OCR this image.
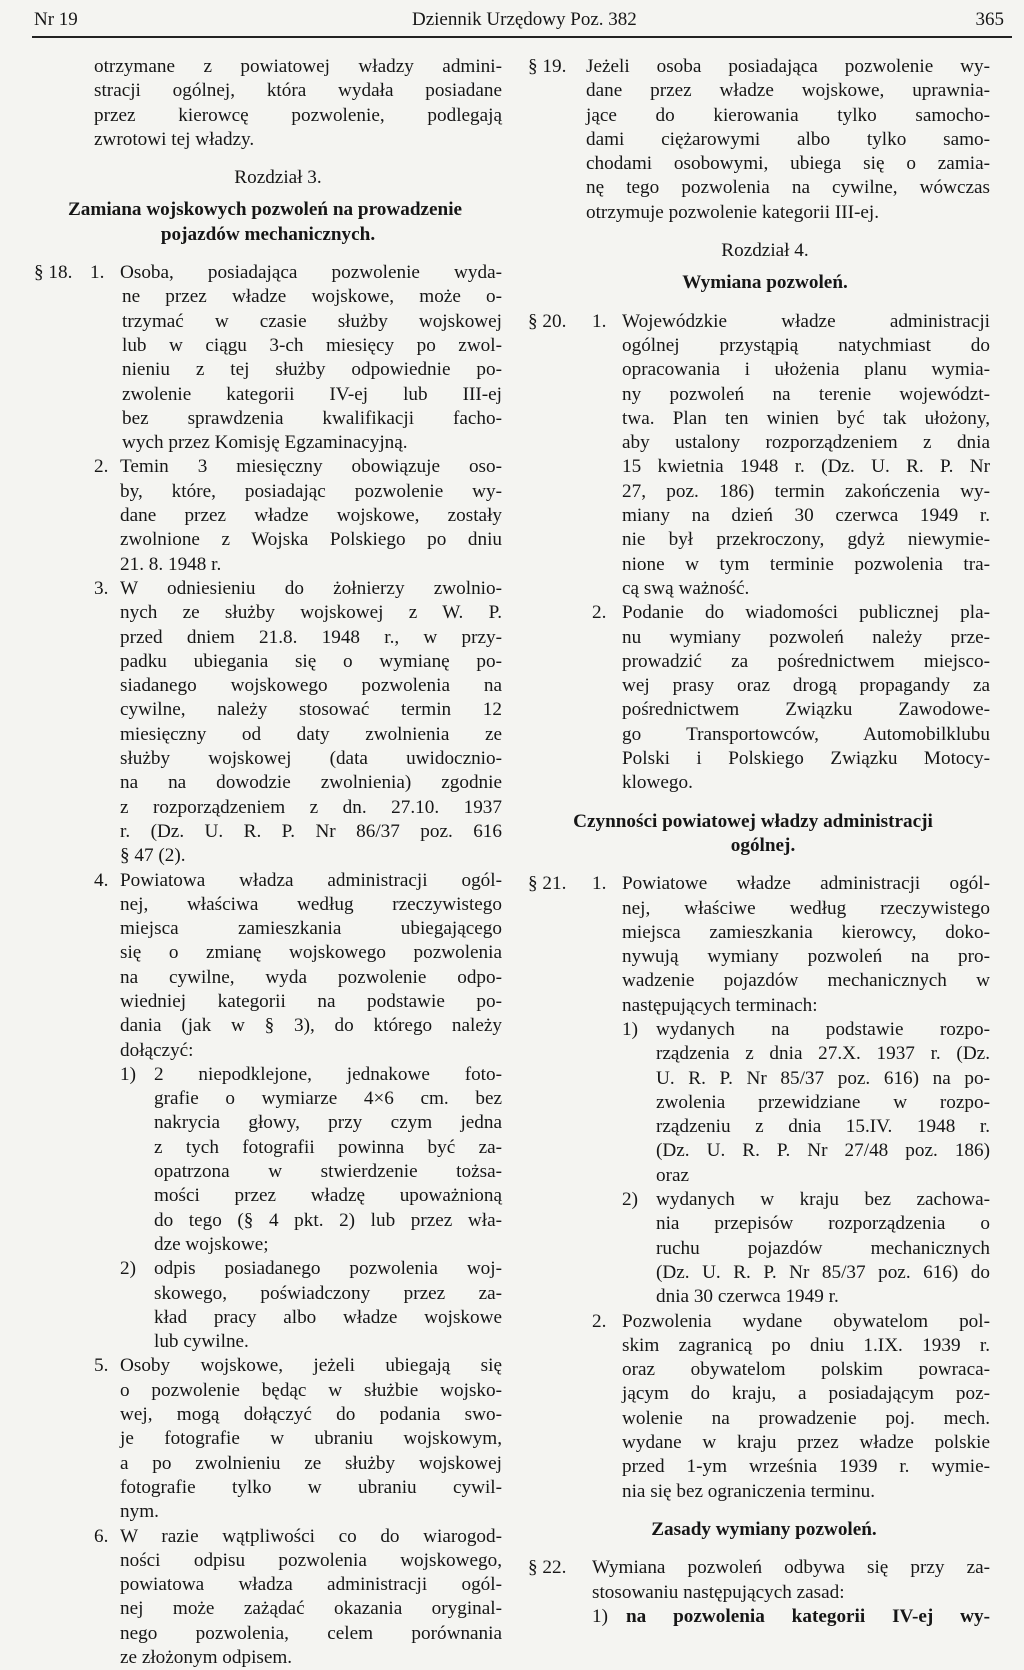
Nr 19	Dziennik Urzędowy Poz. 382	365

otrzymane z powiatowej władzy admini-

stracji ogólnej, która wydała posiadane

przez kierowcę pozwolenie, podlegają

zwrotowi tej władzy.

Rozdział 3.

Zamiana wojskowych pozwoleń na prowadzenie

pojazdów mechanicznych.

§ 18. 1. Osoba, posiadająca pozwolenie wyda-

ne przez władze wojskowe, może o-

trzymać w czasie służby wojskowej

lub w ciągu 3-ch miesięcy po zwol-

nieniu z tej służby odpowiednie po-

zwolenie kategorii IV-ej lub III-ej

bez sprawdzenia kwalifikacji facho-

wych przez Komisję Egzaminacyjną.

2. Temin 3 miesięczny obowiązuje oso-

by, które, posiadając pozwolenie wy-

dane przez władze wojskowe, zostały

zwolnione z Wojska Polskiego po dniu

21. 8. 1948 r.

3. W odniesieniu do żołnierzy zwolnio-

nych ze służby wojskowej z W. P.

przed dniem 21.8. 1948 r., w przy-

padku ubiegania się o wymianę po-

siadanego wojskowego pozwolenia na

cywilne, należy stosować termin 12

miesięczny od daty zwolnienia ze

służby wojskowej (data uwidocznio-

na na dowodzie zwolnienia) zgodnie

z rozporządzeniem z dn. 27.10. 1937

r. (Dz. U. R. P. Nr 86/37 poz. 616

§ 47 (2).

4. Powiatowa władza administracji ogól-

nej, właściwa według rzeczywistego

miejsca zamieszkania ubiegającego

się o zmianę wojskowego pozwolenia

na cywilne, wyda pozwolenie odpo-

wiedniej kategorii na podstawie po-

dania (jak w § 3), do którego należy

dołączyć:

1) 2 niepodklejone, jednakowe foto-

grafie o wymiarze 4×6 cm. bez

nakrycia głowy, przy czym jedna

z tych fotografii powinna być za-

opatrzona w stwierdzenie tożsa-

mości przez władzę upoważnioną

do tego (§ 4 pkt. 2) lub przez wła-

dze wojskowe;

2) odpis posiadanego pozwolenia woj-

skowego, poświadczony przez za-

kład pracy albo władze wojskowe

lub cywilne.

5. Osoby wojskowe, jeżeli ubiegają się

o pozwolenie będąc w służbie wojsko-

wej, mogą dołączyć do podania swo-

je fotografie w ubraniu wojskowym,

a po zwolnieniu ze służby wojskowej

fotografie tylko w ubraniu cywil-

nym.

6. W razie wątpliwości co do wiarogod-

ności odpisu pozwolenia wojskowego,

powiatowa władza administracji ogól-

nej może zażądać okazania oryginal-

nego pozwolenia, celem porównania

ze złożonym odpisem.

§ 19.	Jeżeli osoba posiadająca pozwolenie wy-

dane przez władze wojskowe, uprawnia-

jące do kierowania tylko samocho-

dami ciężarowymi albo tylko samo-

chodami osobowymi, ubiega się o zamia-

nę tego pozwolenia na cywilne, wówczas

otrzymuje pozwolenie kategorii III-ej.

Rozdział 4.

Wymiana pozwoleń.

§ 20.	1. Wojewódzkie władze administracji

ogólnej przystąpią natychmiast do

opracowania i ułożenia planu wymia-

ny pozwoleń na terenie województ-

twa. Plan ten winien być tak ułożony,

aby ustalony rozporządzeniem z dnia

15 kwietnia 1948 r. (Dz. U. R. P. Nr

27, poz. 186) termin zakończenia wy-

miany na dzień 30 czerwca 1949 r.

nie był przekroczony, gdyż niewymie-

nione w tym terminie pozwolenia tra-

cą swą ważność.

2. Podanie do wiadomości publicznej pla-

nu wymiany pozwoleń należy prze-

prowadzić za pośrednictwem miejsco-

wej prasy oraz drogą propagandy za

pośrednictwem Związku Zawodowe-

go Transportowców, Automobilklubu

Polski i Polskiego Związku Motocy-

klowego.

Czynności powiatowej władzy administracji

ogólnej.

§ 21.	1. Powiatowe władze administracji ogól-

nej, właściwe według rzeczywistego

miejsca zamieszkania kierowcy, doko-

nywują wymiany pozwoleń na pro-

wadzenie pojazdów mechanicznych w

następujących terminach:

1) wydanych na podstawie rozpo-

rządzenia z dnia 27.X. 1937 r. (Dz.

U. R. P. Nr 85/37 poz. 616) na po-

zwolenia przewidziane w rozpo-

rządzeniu z dnia 15.IV. 1948 r.

(Dz. U. R. P. Nr 27/48 poz. 186)

oraz

2) wydanych w kraju bez zachowa-

nia przepisów rozporządzenia o

ruchu pojazdów mechanicznych

(Dz. U. R. P. Nr 85/37 poz. 616) do

dnia 30 czerwca 1949 r.

2. Pozwolenia wydane obywatelom pol-

skim zagranicą po dniu 1.IX. 1939 r.

oraz obywatelom polskim powraca-

jącym do kraju, a posiadającym poz-

wolenie na prowadzenie poj. mech.

wydane w kraju przez władze polskie

przed 1-ym września 1939 r. wymie-

nia się bez ograniczenia terminu.

Zasady wymiany pozwoleń.

§ 22.	Wymiana pozwoleń odbywa się przy za-

stosowaniu następujących zasad:

1) na pozwolenia kategorii IV-ej wy-
